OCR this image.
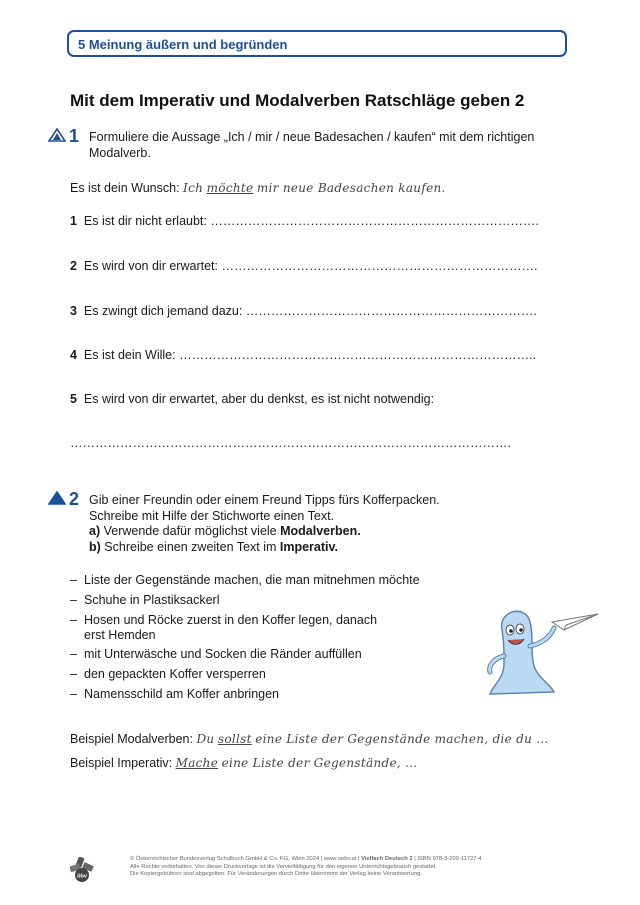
5 Meinung äußern und begründen
Mit dem Imperativ und Modalverben Ratschläge geben 2
1 Formuliere die Aussage „Ich / mir / neue Badesachen / kaufen“ mit dem richtigen
Modalverb.
Es ist dein Wunsch: Ich möchte mir neue Badesachen kaufen.
1 Es ist dir nicht erlaubt: …………………………………………………………………….
2 Es wird von dir erwartet: ………………………………………………………………….
3 Es zwingt dich jemand dazu: …………………………………………………………….
4 Es ist dein Wille: …………………………………………………………………………..
5 Es wird von dir erwartet, aber du denkst, es ist nicht notwendig:
…………………………………………………………………………………………….
2 Gib einer Freundin oder einem Freund Tipps fürs Kofferpacken.
Schreibe mit Hilfe der Stichworte einen Text.
a) Verwende dafür möglichst viele Modalverben.
b) Schreibe einen zweiten Text im Imperativ.
– Liste der Gegenstände machen, die man mitnehmen möchte
– Schuhe in Plastiksackerl
– Hosen und Röcke zuerst in den Koffer legen, danach
erst Hemden
– mit Unterwäsche und Socken die Ränder auffüllen
– den gepackten Koffer versperren
– Namensschild am Koffer anbringen
Beispiel Modalverben: Du sollst eine Liste der Gegenstände machen, die du …
Beispiel Imperativ: Mache eine Liste der Gegenstände, …
öbv
© Österreichischer Bundesverlag Schulbuch GmbH & Co. KG, Wien 2024 | www.oebv.at | Vielfach Deutsch 2 | ISBN 978-3-209-11727-4
Alle Rechte vorbehalten. Von dieser Druckvorlage ist die Vervielfältigung für den eigenen Unterrichtsgebrauch gestattet.
Die Kopiergebühren sind abgegolten. Für Veränderungen durch Dritte übernimmt der Verlag keine Verantwortung.
